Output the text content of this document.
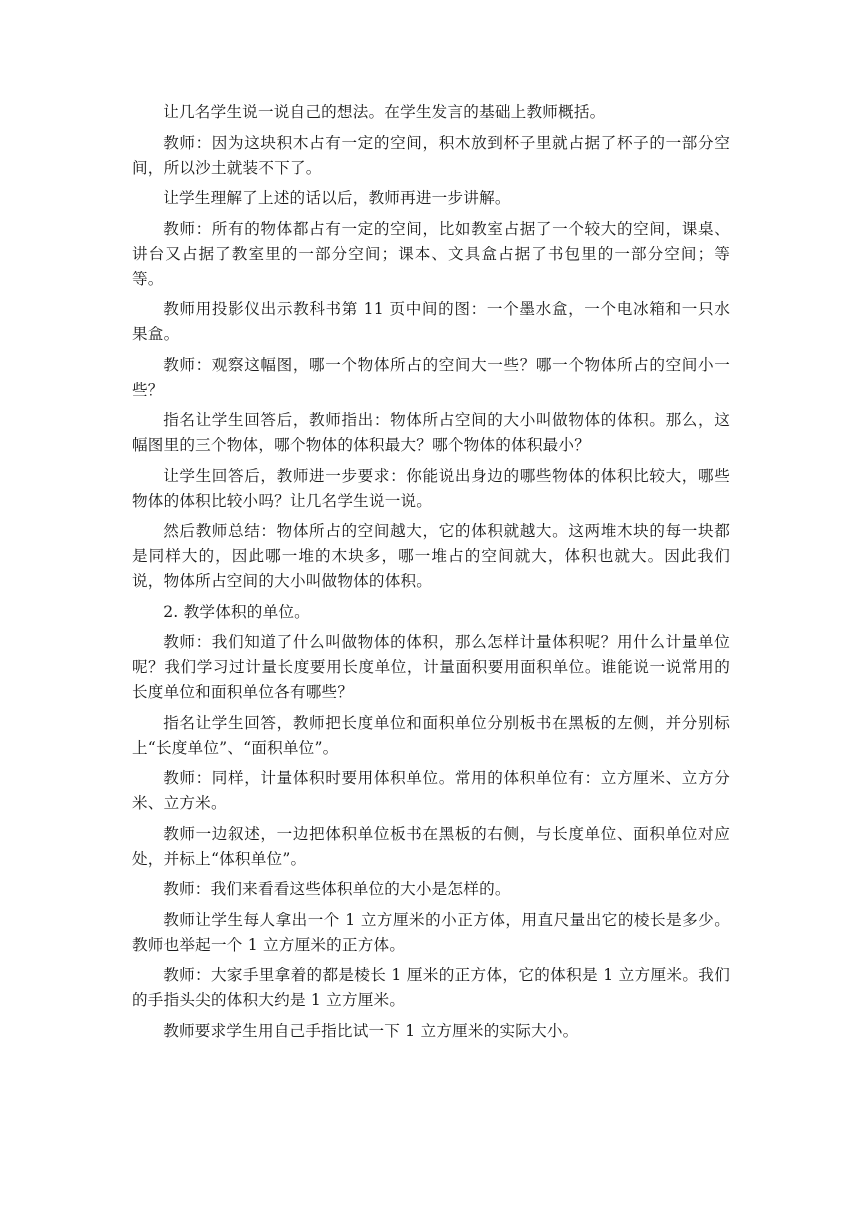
让几名学生说一说自己的想法。在学生发言的基础上教师概括。

教师：因为这块积木占有一定的空间，积木放到杯子里就占据了杯子的一部分空间，所以沙土就装不下了。

让学生理解了上述的话以后，教师再进一步讲解。

教师：所有的物体都占有一定的空间，比如教室占据了一个较大的空间，课桌、讲台又占据了教室里的一部分空间；课本、文具盒占据了书包里的一部分空间；等等。

教师用投影仪出示教科书第 11 页中间的图：一个墨水盒，一个电冰箱和一只水果盒。

教师：观察这幅图，哪一个物体所占的空间大一些？哪一个物体所占的空间小一些？

指名让学生回答后，教师指出：物体所占空间的大小叫做物体的体积。那么，这幅图里的三个物体，哪个物体的体积最大？哪个物体的体积最小？

让学生回答后，教师进一步要求：你能说出身边的哪些物体的体积比较大，哪些物体的体积比较小吗？让几名学生说一说。

然后教师总结：物体所占的空间越大，它的体积就越大。这两堆木块的每一块都是同样大的，因此哪一堆的木块多，哪一堆占的空间就大，体积也就大。因此我们说，物体所占空间的大小叫做物体的体积。

2. 教学体积的单位。

教师：我们知道了什么叫做物体的体积，那么怎样计量体积呢？用什么计量单位呢？我们学习过计量长度要用长度单位，计量面积要用面积单位。谁能说一说常用的长度单位和面积单位各有哪些？

指名让学生回答，教师把长度单位和面积单位分别板书在黑板的左侧，并分别标上“长度单位”、“面积单位”。

教师：同样，计量体积时要用体积单位。常用的体积单位有：立方厘米、立方分米、立方米。

教师一边叙述，一边把体积单位板书在黑板的右侧，与长度单位、面积单位对应处，并标上“体积单位”。

教师：我们来看看这些体积单位的大小是怎样的。

教师让学生每人拿出一个 1 立方厘米的小正方体，用直尺量出它的棱长是多少。教师也举起一个 1 立方厘米的正方体。

教师：大家手里拿着的都是棱长 1 厘米的正方体，它的体积是 1 立方厘米。我们的手指头尖的体积大约是 1 立方厘米。

教师要求学生用自己手指比试一下 1 立方厘米的实际大小。
